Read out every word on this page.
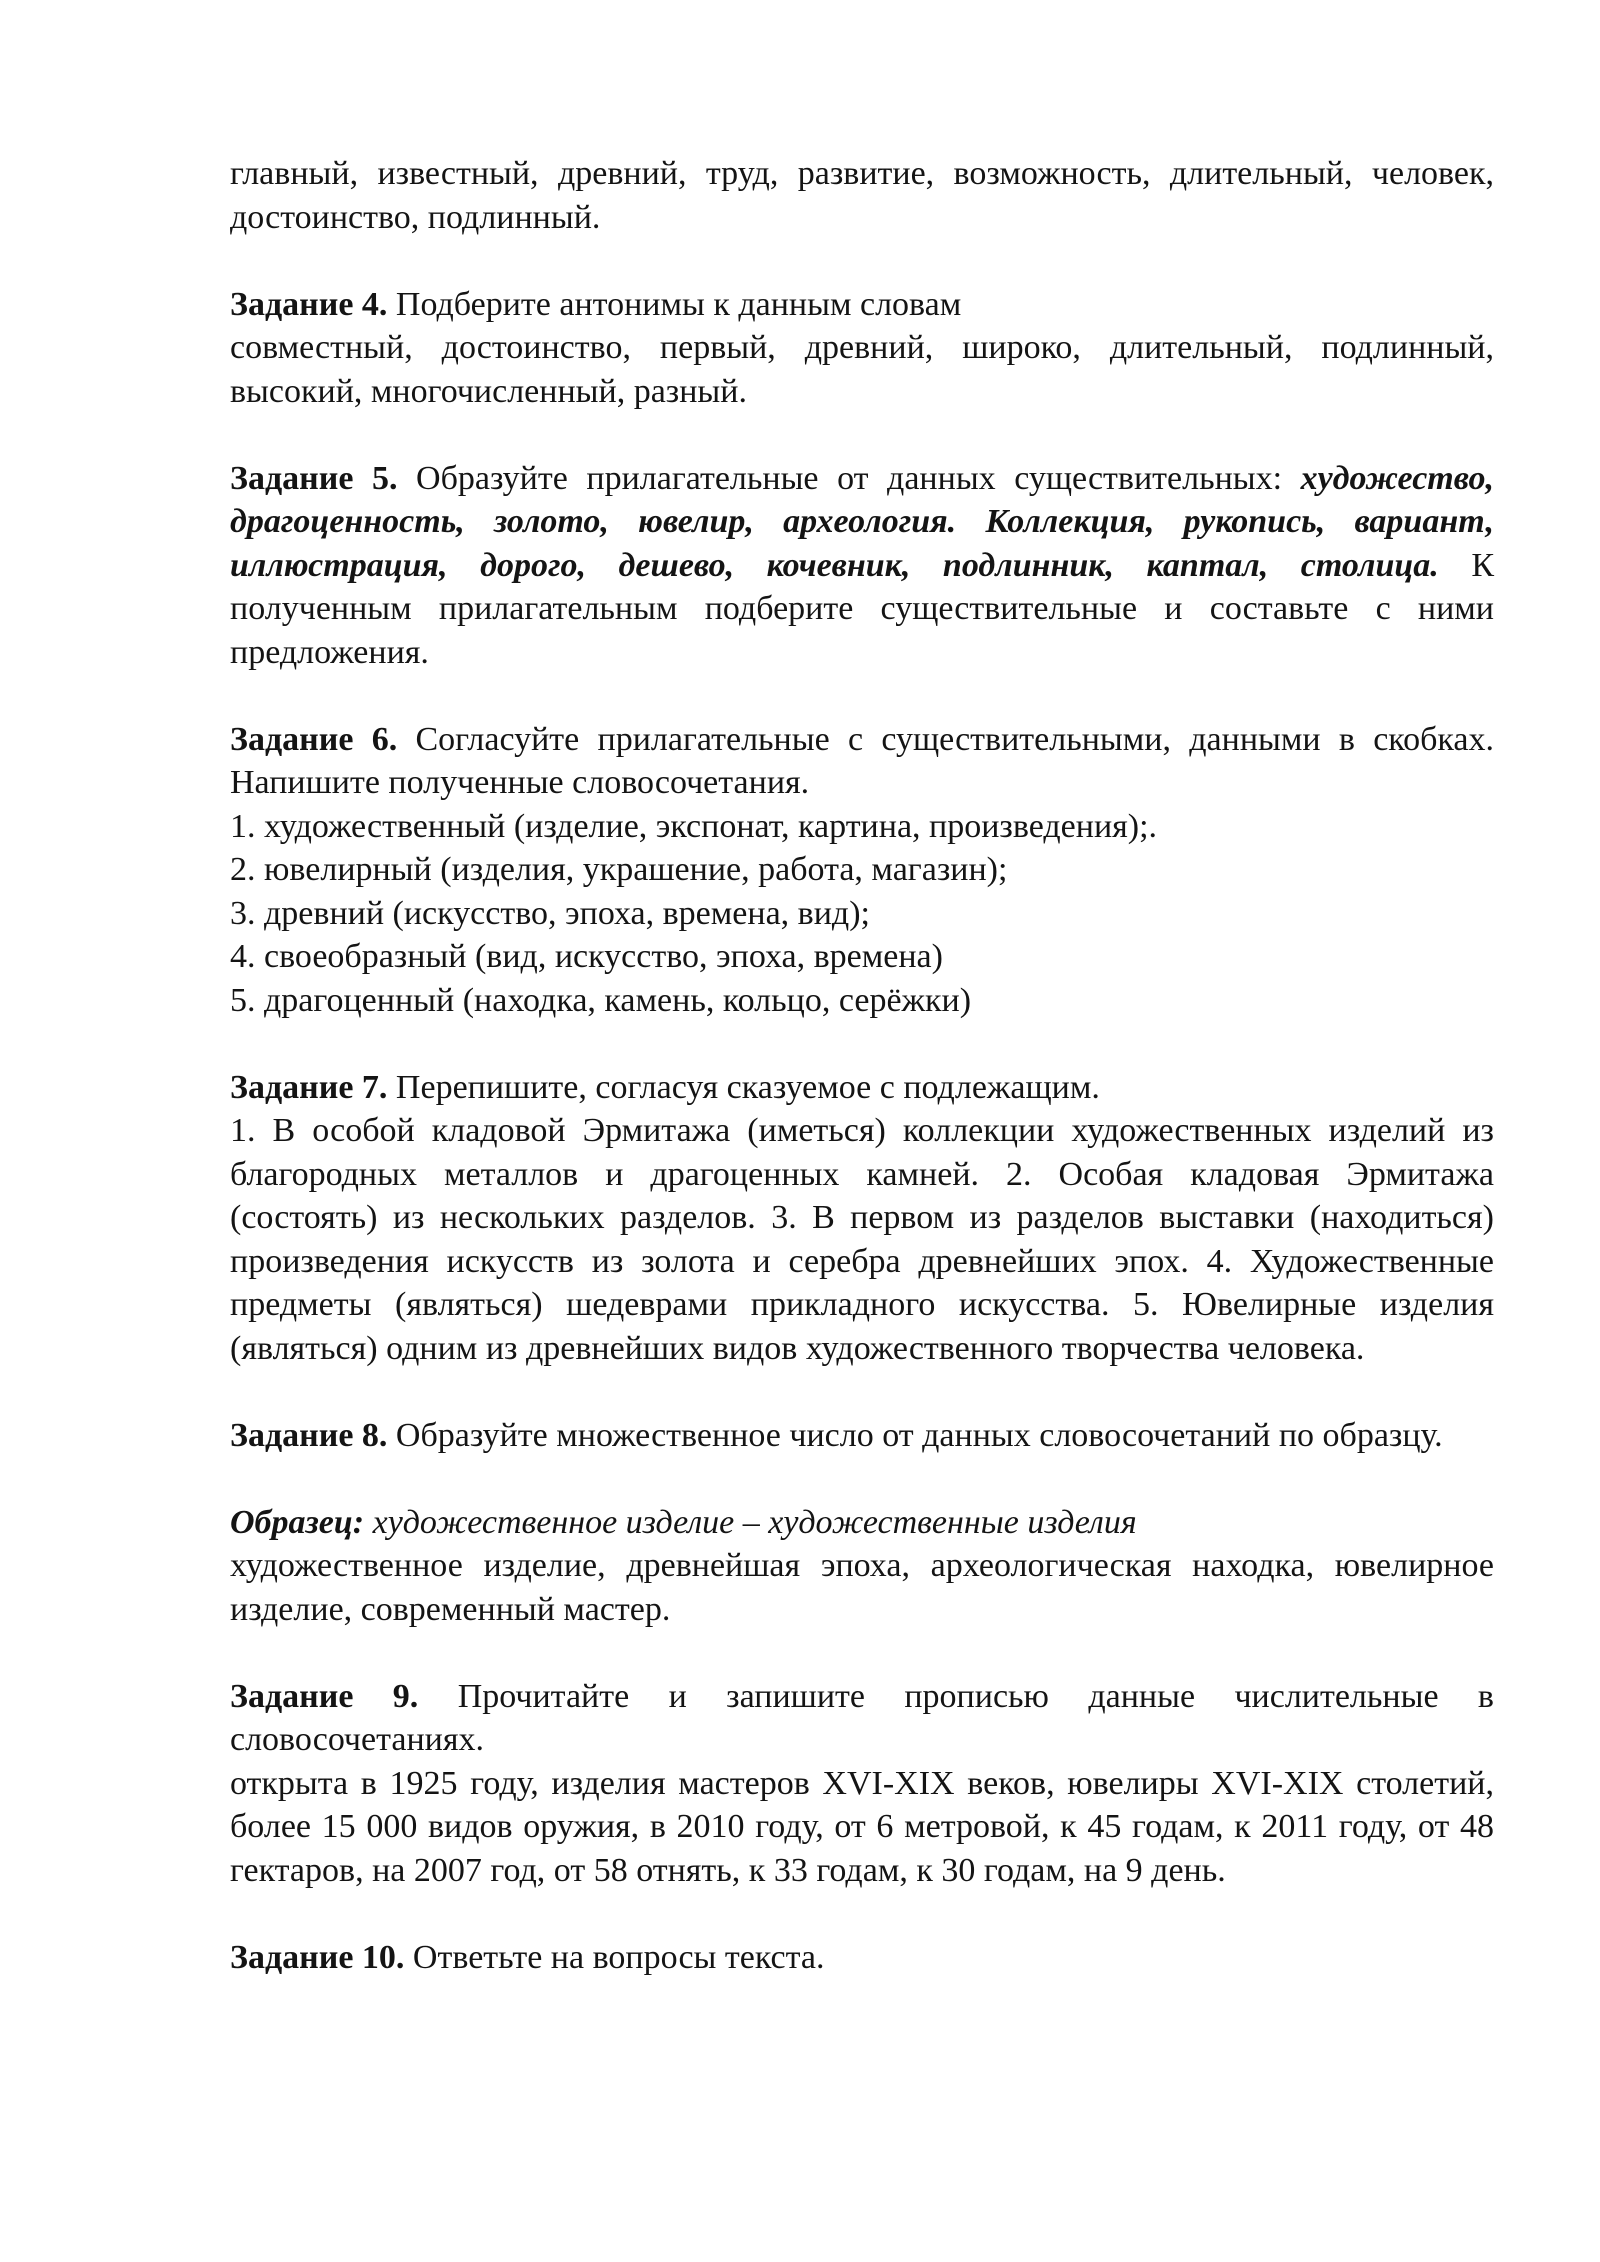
главный, известный, древний, труд, развитие, возможность, длительный, человек, достоинство, подлинный.

Задание 4. Подберите антонимы к данным словам

совместный, достоинство, первый, древний, широко, длительный, подлинный, высокий, многочисленный, разный.

Задание 5. Образуйте прилагательные от данных существительных: художество, драгоценность, золото, ювелир, археология. Коллекция, рукопись, вариант, иллюстрация, дорого, дешево, кочевник, подлинник, каптал, столица. К полученным прилагательным подберите существительные и составьте с ними предложения.

Задание 6. Согласуйте прилагательные с существительными, данными в скобках. Напишите полученные словосочетания.

1. художественный (изделие, экспонат, картина, произведения);.

2. ювелирный (изделия, украшение, работа, магазин);

3. древний (искусство, эпоха, времена, вид);

4. своеобразный (вид, искусство, эпоха, времена)

5. драгоценный (находка, камень, кольцо, серёжки)

Задание 7. Перепишите, согласуя сказуемое с подлежащим.

1. В особой кладовой Эрмитажа (иметься) коллекции художественных изделий из благородных металлов и драгоценных камней. 2. Особая кладовая Эрмитажа (состоять) из нескольких разделов. 3. В первом из разделов выставки (находиться) произведения искусств из золота и серебра древнейших эпох. 4. Художественные предметы (являться) шедеврами прикладного искусства. 5. Ювелирные изделия (являться) одним из древнейших видов художественного творчества человека.

Задание 8. Образуйте множественное число от данных словосочетаний по образцу.

Образец: художественное изделие – художественные изделия

художественное изделие, древнейшая эпоха, археологическая находка, ювелирное изделие, современный мастер.

Задание 9. Прочитайте и запишите прописью данные числительные в словосочетаниях.

открыта в 1925 году, изделия мастеров XVI-XIX веков, ювелиры XVI-XIX столетий, более 15 000 видов оружия, в 2010 году, от 6 метровой, к 45 годам, к 2011 году, от 48 гектаров, на 2007 год, от 58 отнять, к 33 годам, к 30 годам, на 9 день.

Задание 10. Ответьте на вопросы текста.
